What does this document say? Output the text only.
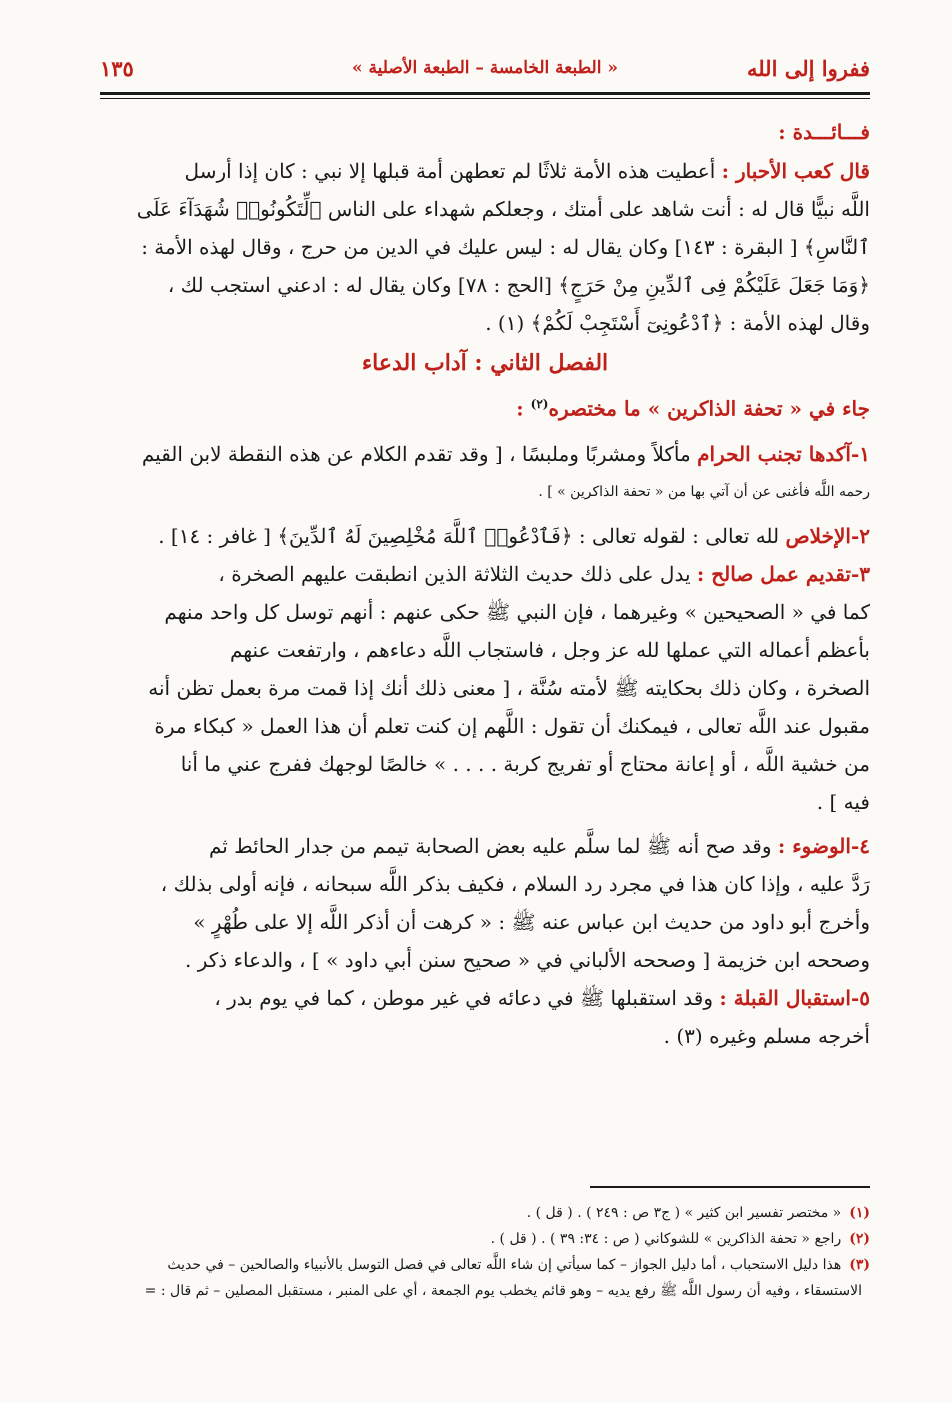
ففروا إلى الله
« الطبعة الخامسة – الطبعة الأصلية »
١٣٥
فـــائـــدة :
قال كعب الأحبار : أعطيت هذه الأمة ثلاثًا لم تعطهن أمة قبلها إلا نبي : كان إذا أرسل
اللَّه نبيًّا قال له : أنت شاهد على أمتك ، وجعلكم شهداء على الناس ﴿لِّتَكُونُوا۟ شُهَدَآءَ عَلَى
ٱلنَّاسِ﴾ [ البقرة : ١٤٣] وكان يقال له : ليس عليك في الدين من حرج ، وقال لهذه الأمة :
﴿وَمَا جَعَلَ عَلَيْكُمْ فِى ٱلدِّينِ مِنْ حَرَجٍ﴾ [الحج : ٧٨] وكان يقال له : ادعني استجب لك ،
وقال لهذه الأمة : ﴿ٱدْعُونِىٓ أَسْتَجِبْ لَكُمْ﴾ (١) .
الفصل الثاني : آداب الدعاء
جاء في « تحفة الذاكرين » ما مختصره$^{(٢)}$ :
١-آكدها تجنب الحرام مأكلاً ومشربًا وملبسًا ، [ وقد تقدم الكلام عن هذه النقطة لابن القيم
رحمه اللَّه فأغنى عن أن آتي بها من « تحفة الذاكرين » ] .
٢-الإخلاص لله تعالى : لقوله تعالى : ﴿فَٱدْعُوا۟ ٱللَّهَ مُخْلِصِينَ لَهُ ٱلدِّينَ﴾ [ غافر : ١٤] .
٣-تقديم عمل صالح : يدل على ذلك حديث الثلاثة الذين انطبقت عليهم الصخرة ،
كما في « الصحيحين » وغيرهما ، فإن النبي ﷺ حكى عنهم : أنهم توسل كل واحد منهم
بأعظم أعماله التي عملها لله عز وجل ، فاستجاب اللَّه دعاءهم ، وارتفعت عنهم
الصخرة ، وكان ذلك بحكايته ﷺ لأمته سُنَّة ، [ معنى ذلك أنك إذا قمت مرة بعمل تظن أنه
مقبول عند اللَّه تعالى ، فيمكنك أن تقول : اللَّهم إن كنت تعلم أن هذا العمل « كبكاء مرة
من خشية اللَّه ، أو إعانة محتاج أو تفريج كربة . . . . » خالصًا لوجهك ففرج عني ما أنا
فيه ] .
٤-الوضوء : وقد صح أنه ﷺ لما سلَّم عليه بعض الصحابة تيمم من جدار الحائط ثم
رَدَّ عليه ، وإذا كان هذا في مجرد رد السلام ، فكيف بذكر اللَّه سبحانه ، فإنه أولى بذلك ،
وأخرج أبو داود من حديث ابن عباس عنه ﷺ : « كرهت أن أذكر اللَّه إلا على طُهْرٍ »
وصححه ابن خزيمة [ وصححه الألباني في « صحيح سنن أبي داود » ] ، والدعاء ذكر .
٥-استقبال القبلة : وقد استقبلها ﷺ في دعائه في غير موطن ، كما في يوم بدر ،
أخرجه مسلم وغيره (٣) .
(١)« مختصر تفسير ابن كثير » ( ج٣ ص : ٢٤٩ ) . ( قل ) .
(٢)راجع « تحفة الذاكرين » للشوكاني ( ص : ٣٤: ٣٩ ) . ( قل ) .
(٣)هذا دليل الاستحباب ، أما دليل الجواز – كما سيأتي إن شاء اللَّه تعالى في فصل التوسل بالأنبياء والصالحين – في حديث
الاستسقاء ، وفيه أن رسول اللَّه ﷺ رفع يديه – وهو قائم يخطب يوم الجمعة ، أي على المنبر ، مستقبل المصلين – ثم قال : =
